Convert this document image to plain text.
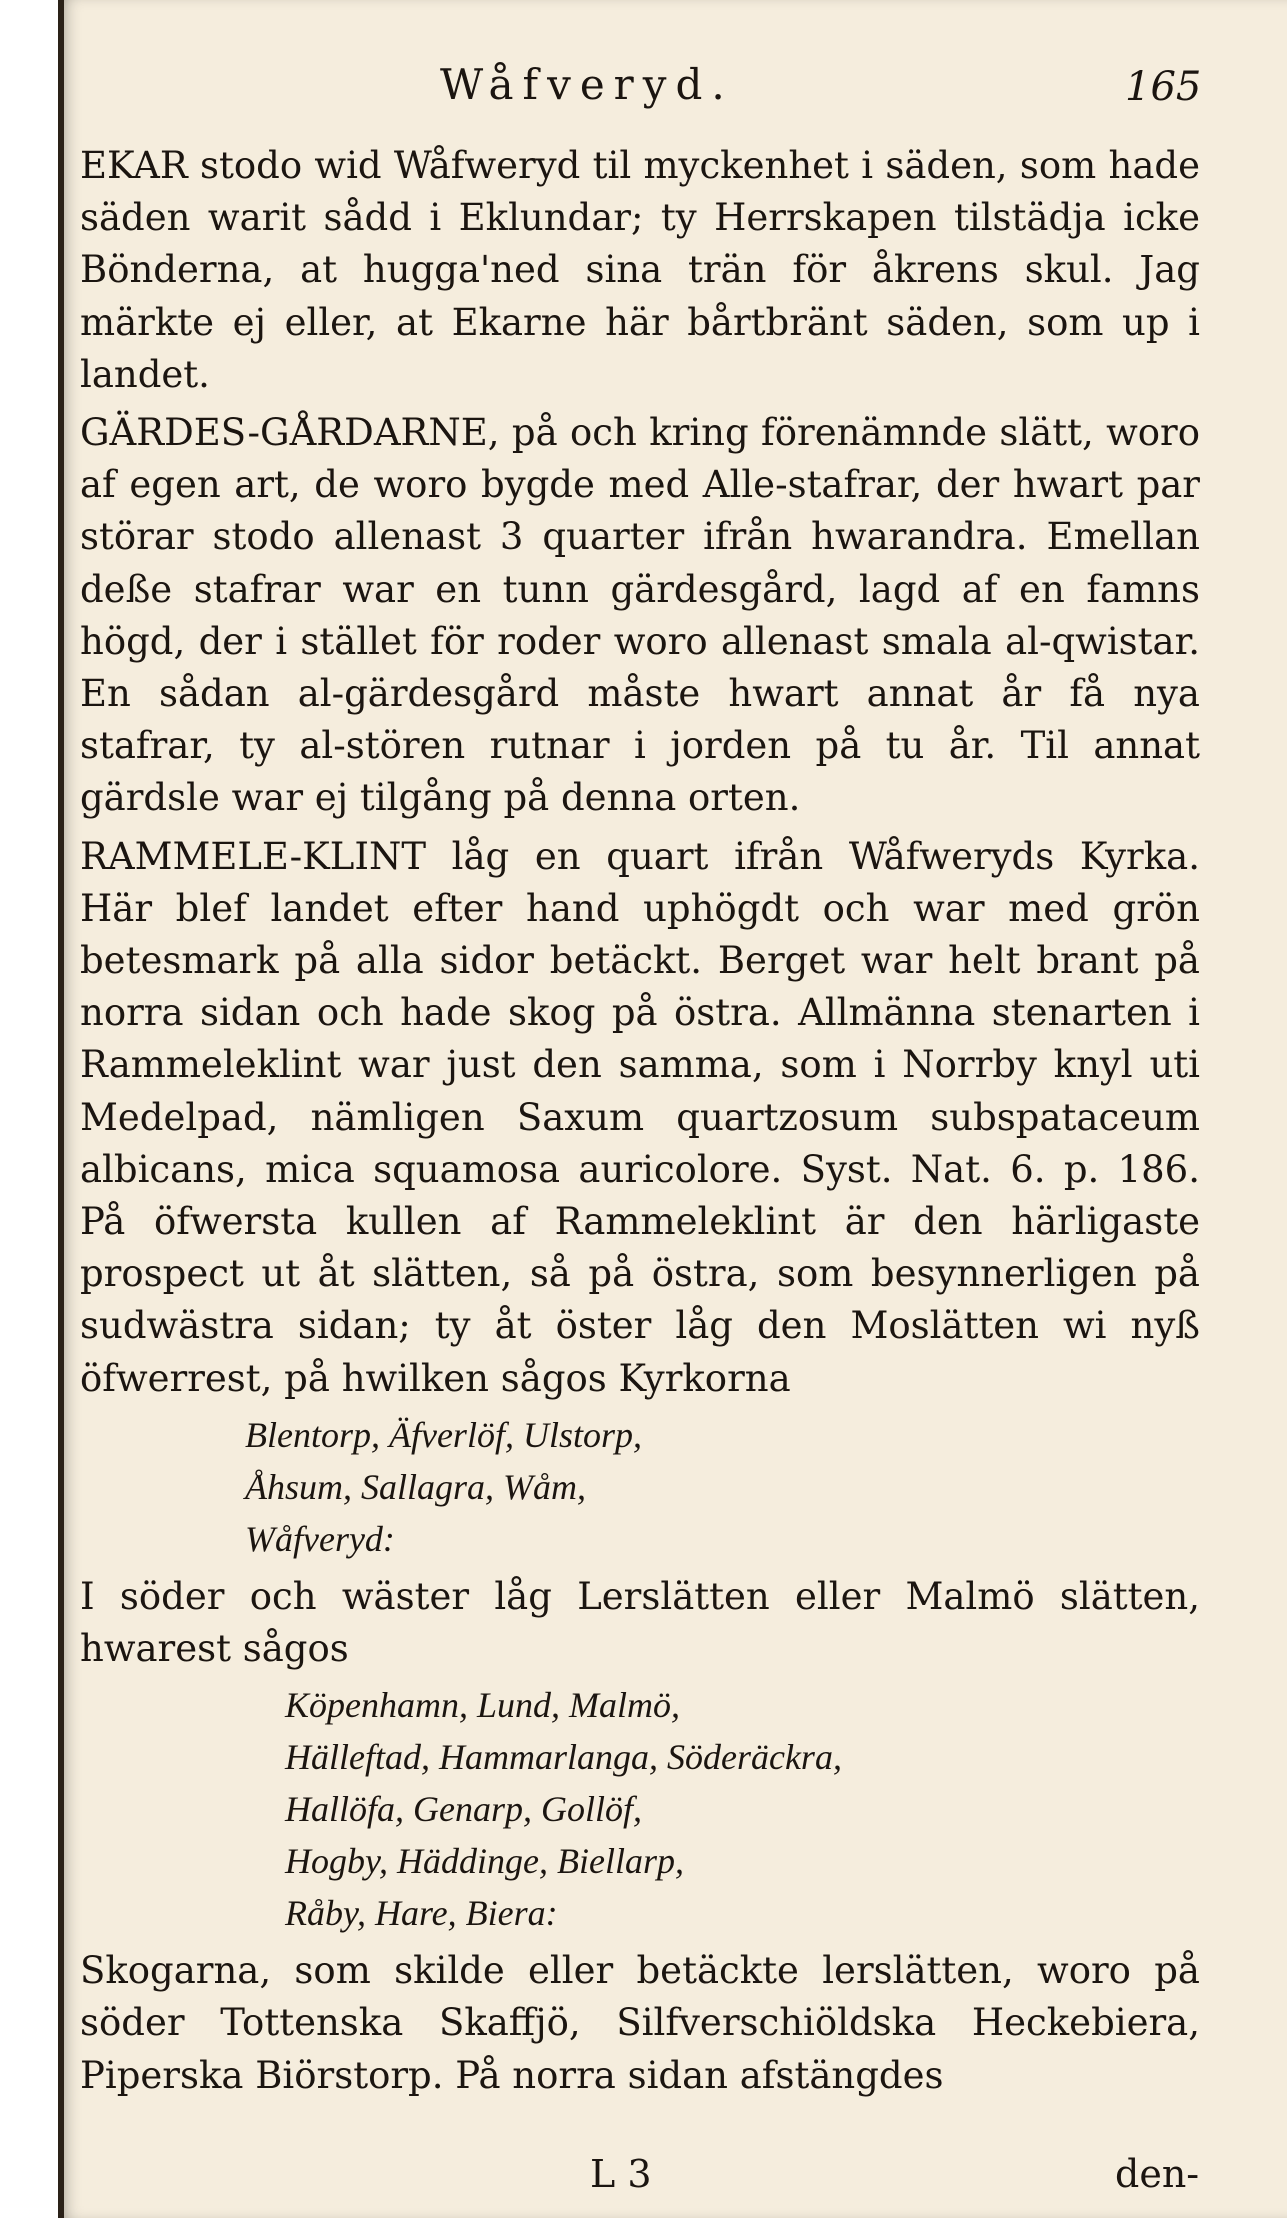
Wåfveryd.	165

EKAR stodo wid Wåfweryd til myckenhet i säden, som hade säden warit sådd i Eklundar; ty Herrskapen tilstädja icke Bönderna, at hugga'ned sina trän för åkrens skul. Jag märkte ej eller, at Ekarne här bårtbränt säden, som up i landet.

GÄRDES-GÅRDARNE, på och kring förenämnde slätt, woro af egen art, de woro bygde med Alle-stafrar, der hwart par störar stodo allenast 3 quarter ifrån hwarandra. Emellan deße stafrar war en tunn gärdesgård, lagd af en famns högd, der i stället för roder woro allenast smala al-qwistar. En sådan al-gärdesgård måste hwart annat år få nya stafrar, ty al-stören rutnar i jorden på tu år. Til annat gärdsle war ej tilgång på denna orten.

RAMMELE-KLINT låg en quart ifrån Wåfweryds Kyrka. Här blef landet efter hand uphögdt och war med grön betesmark på alla sidor betäckt. Berget war helt brant på norra sidan och hade skog på östra. Allmänna stenarten i Rammeleklint war just den samma, som i Norrby knyl uti Medelpad, nämligen Saxum quartzosum subspataceum albicans, mica squamosa auricolore. Syst. Nat. 6. p. 186. På öfwersta kullen af Rammeleklint är den härligaste prospect ut åt slätten, så på östra, som besynnerligen på sudwästra sidan; ty åt öster låg den Moslätten wi nyß öfwerrest, på hwilken sågos Kyrkorna

Blentorp, Äfverlöf, Ulstorp,
Åhsum, Sallagra, Wåm,
Wåfveryd:

I söder och wäster låg Lerslätten eller Malmö slätten, hwarest sågos

Köpenhamn, Lund, Malmö,
Hälleftad, Hammarlanga, Söderäckra,
Hallöfa, Genarp, Gollöf,
Hogby, Häddinge, Biellarp,
Råby, Hare, Biera:

Skogarna, som skilde eller betäckte lerslätten, woro på söder Tottenska Skaffjö, Silfverschiöldska Heckebiera, Piperska Biörstorp. På norra sidan afstängdes

L 3	den-
